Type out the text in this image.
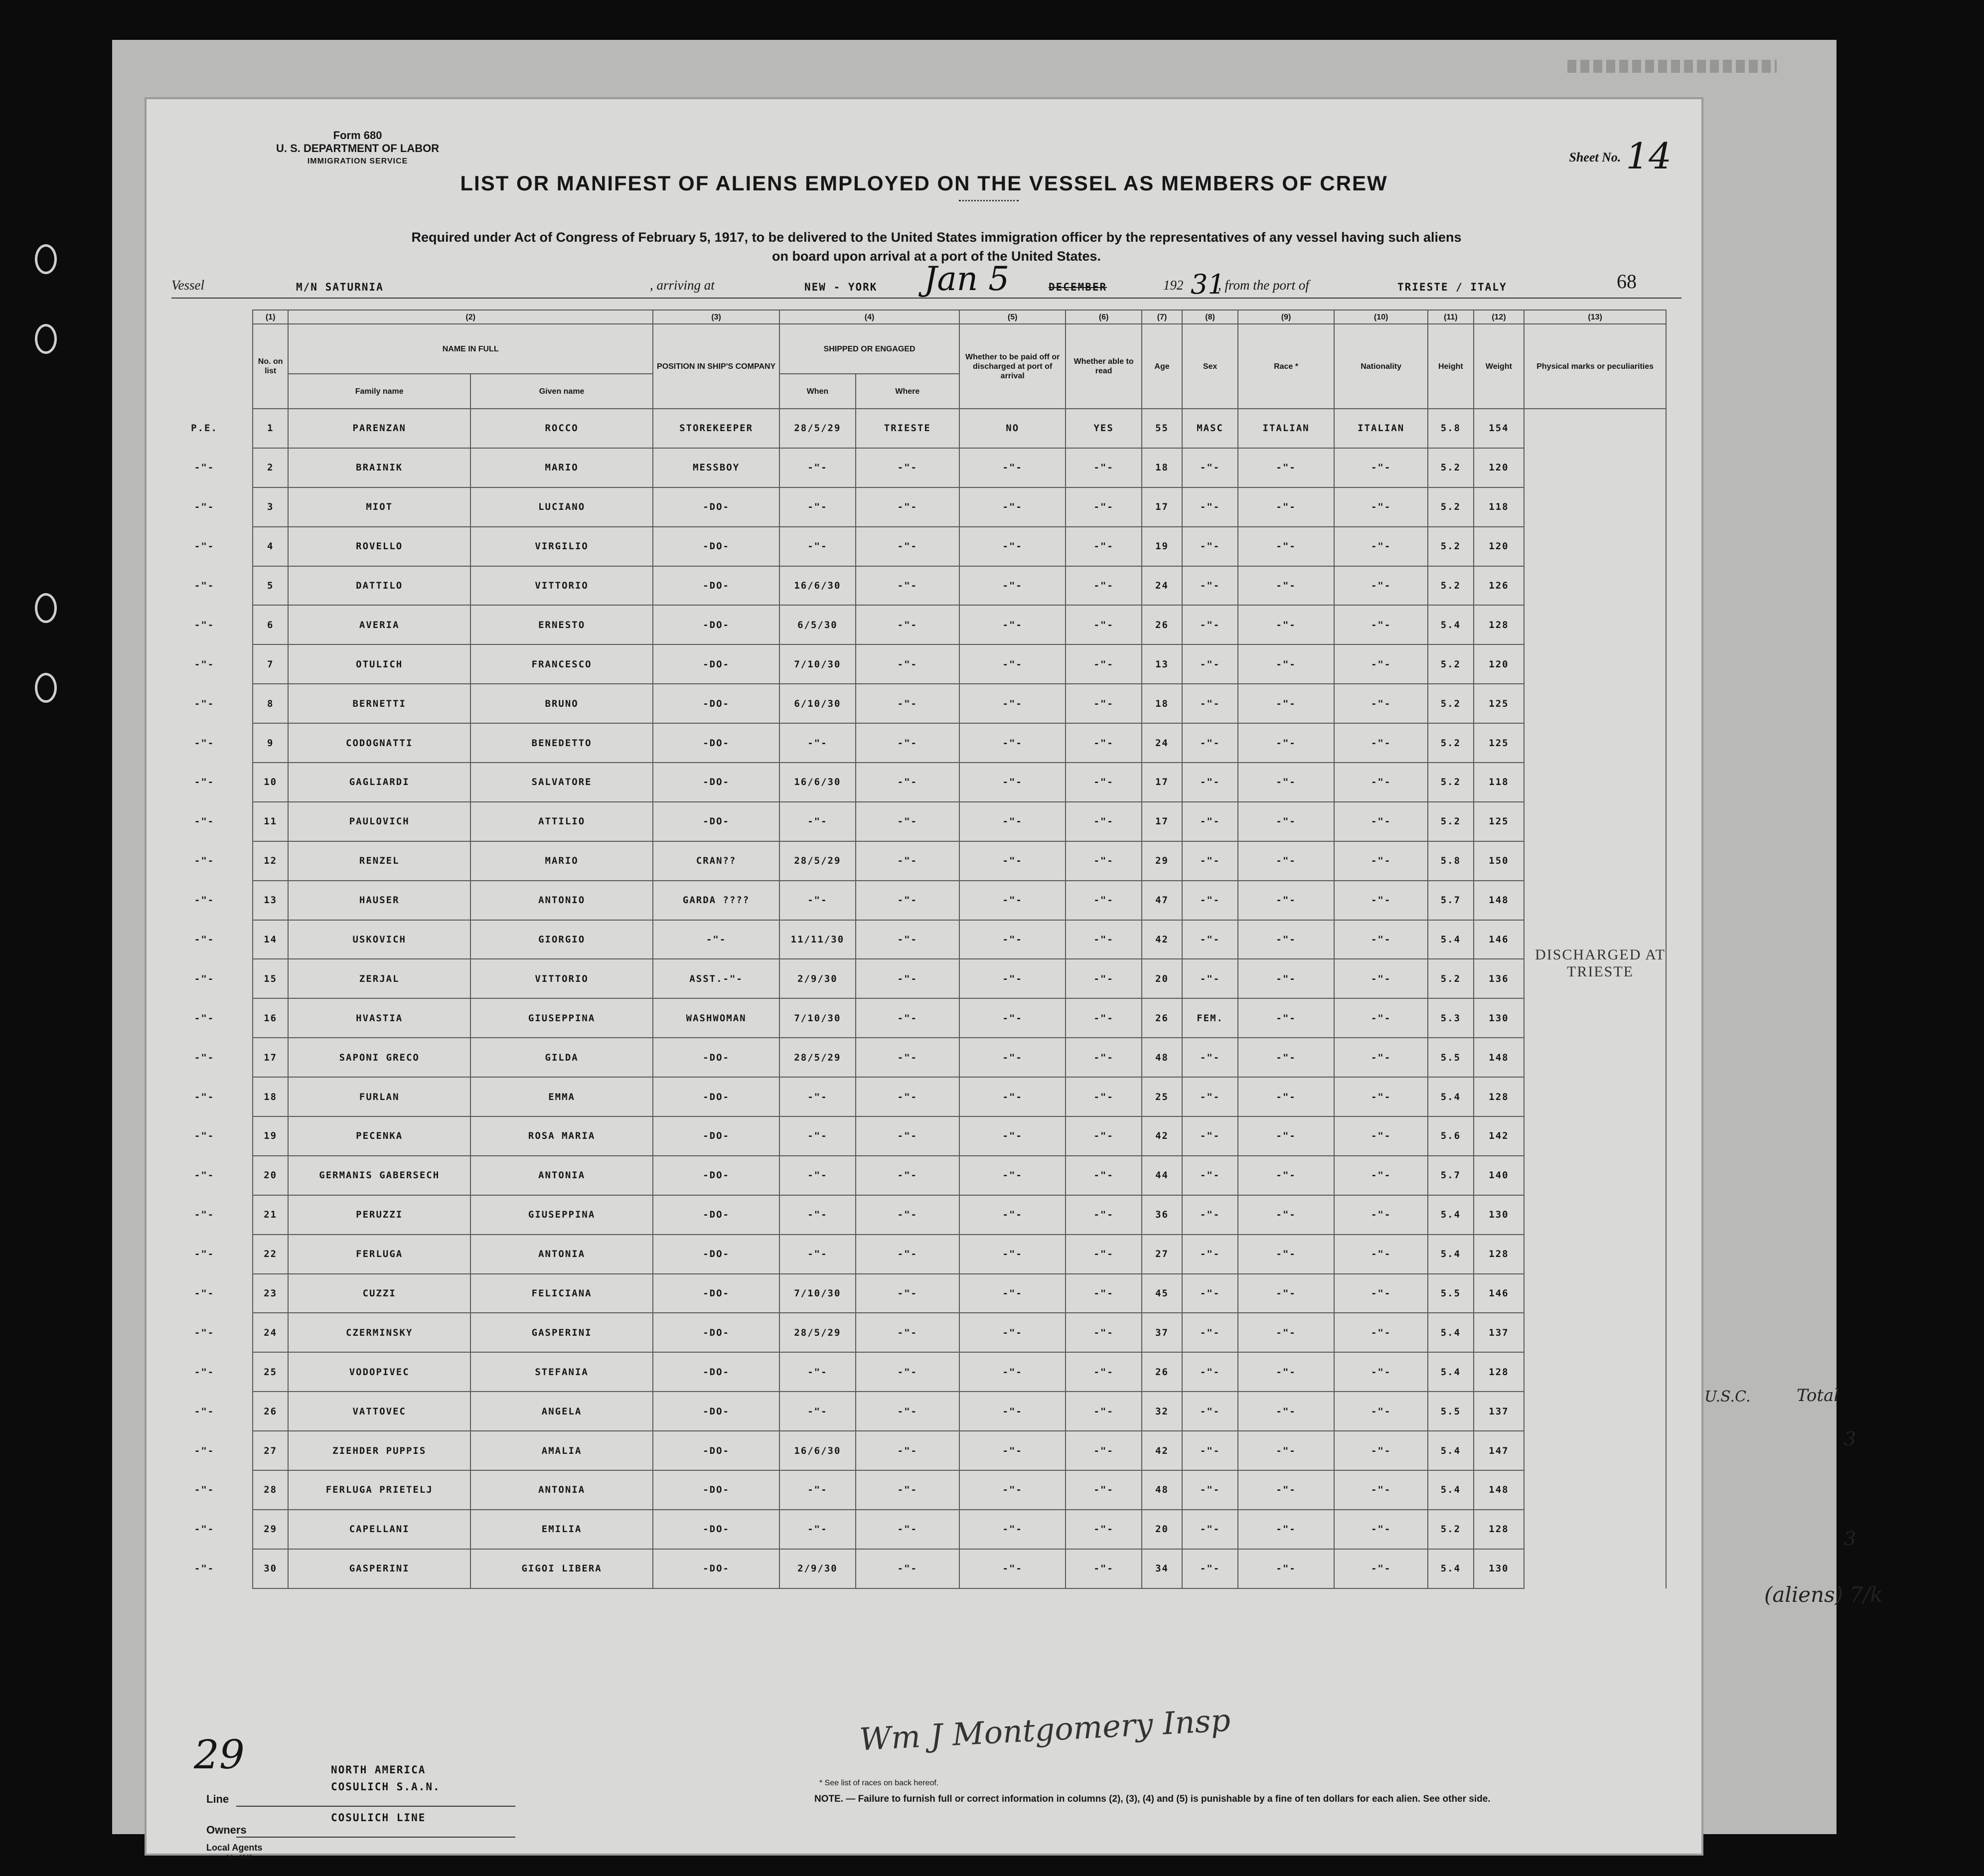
Form 680
U. S. DEPARTMENT OF LABOR
IMMIGRATION SERVICE	Sheet No. 14
LIST OR MANIFEST OF ALIENS EMPLOYED ON THE VESSEL AS MEMBERS OF CREW
Required under Act of Congress of February 5, 1917, to be delivered to the United States immigration officer by the representatives of any vessel having such aliens
on board upon arrival at a port of the United States.
Vessel	M/N SATURNIA	, arriving at	NEW - YORK Jan 5	DECEMBER	192 31
, from the port of	TRIESTE / ITALY	68
	(1)	(2)		(3)	(4)		(5)	(6)	(7)	(8)	(9)	(10)	(11)	(12)	(13)
	No. on list	NAME IN FULL		POSITION IN SHIP'S COMPANY	SHIPPED OR ENGAGED		Whether to be paid off or discharged at port of arrival	Whether able to read	Age	Sex	Race *	Nationality	Height	Weight	Physical marks or peculiarities
		Family name	Given name		When	Where									
P.E.	1	PARENZAN	ROCCO	STOREKEEPER	28/5/29	TRIESTE	NO	YES	55	MASC	ITALIAN	ITALIAN	5.8	154	
-"-	2	BRAINIK	MARIO	MESSBOY	-"-	-"-	-"-	-"-	18	-"-	-"-	-"-	5.2	120	
-"-	3	MIOT	LUCIANO	-DO-	-"-	-"-	-"-	-"-	17	-"-	-"-	-"-	5.2	118	
-"-	4	ROVELLO	VIRGILIO	-DO-	-"-	-"-	-"-	-"-	19	-"-	-"-	-"-	5.2	120	
-"-	5	DATTILO	VITTORIO	-DO-	16/6/30	-"-	-"-	-"-	24	-"-	-"-	-"-	5.2	126	
-"-	6	AVERIA	ERNESTO	-DO-	6/5/30	-"-	-"-	-"-	26	-"-	-"-	-"-	5.4	128	
-"-	7	OTULICH	FRANCESCO	-DO-	7/10/30	-"-	-"-	-"-	13	-"-	-"-	-"-	5.2	120	
-"-	8	BERNETTI	BRUNO	-DO-	6/10/30	-"-	-"-	-"-	18	-"-	-"-	-"-	5.2	125	
-"-	9	CODOGNATTI	BENEDETTO	-DO-	-"-	-"-	-"-	-"-	24	-"-	-"-	-"-	5.2	125	
-"-	10	GAGLIARDI	SALVATORE	-DO-	16/6/30	-"-	-"-	-"-	17	-"-	-"-	-"-	5.2	118	
-"-	11	PAULOVICH	ATTILIO	-DO-	-"-	-"-	-"-	-"-	17	-"-	-"-	-"-	5.2	125	
-"-	12	RENZEL	MARIO	CRAN??	28/5/29	-"-	-"-	-"-	29	-"-	-"-	-"-	5.8	150	
-"-	13	HAUSER	ANTONIO	GARDA ????	-"-	-"-	-"-	-"-	47	-"-	-"-	-"-	5.7	148	
-"-	14	USKOVICH	GIORGIO	-"-	11/11/30	-"-	-"-	-"-	42	-"-	-"-	-"-	5.4	146	
-"-	15	ZERJAL	VITTORIO	ASST.-"-	2/9/30	-"-	-"-	-"-	20	-"-	-"-	-"-	5.2	136	
-"-	16	HVASTIA	GIUSEPPINA	WASHWOMAN	7/10/30	-"-	-"-	-"-	26	FEM.	-"-	-"-	5.3	130	
-"-	17	SAPONI GRECO	GILDA	-DO-	28/5/29	-"-	-"-	-"-	48	-"-	-"-	-"-	5.5	148	
-"-	18	FURLAN	EMMA	-DO-	-"-	-"-	-"-	-"-	25	-"-	-"-	-"-	5.4	128	
-"-	19	PECENKA	ROSA MARIA	-DO-	-"-	-"-	-"-	-"-	42	-"-	-"-	-"-	5.6	142	
-"-	20	GERMANIS GABERSECH	ANTONIA	-DO-	-"-	-"-	-"-	-"-	44	-"-	-"-	-"-	5.7	140	
-"-	21	PERUZZI	GIUSEPPINA	-DO-	-"-	-"-	-"-	-"-	36	-"-	-"-	-"-	5.4	130	
-"-	22	FERLUGA	ANTONIA	-DO-	-"-	-"-	-"-	-"-	27	-"-	-"-	-"-	5.4	128	
-"-	23	CUZZI	FELICIANA	-DO-	7/10/30	-"-	-"-	-"-	45	-"-	-"-	-"-	5.5	146	
-"-	24	CZERMINSKY	GASPERINI	-DO-	28/5/29	-"-	-"-	-"-	37	-"-	-"-	-"-	5.4	137	
-"-	25	VODOPIVEC	STEFANIA	-DO-	-"-	-"-	-"-	-"-	26	-"-	-"-	-"-	5.4	128	
-"-	26	VATTOVEC	ANGELA	-DO-	-"-	-"-	-"-	-"-	32	-"-	-"-	-"-	5.5	137	
-"-	27	ZIEHDER PUPPIS	AMALIA	-DO-	16/6/30	-"-	-"-	-"-	42	-"-	-"-	-"-	5.4	147	
-"-	28	FERLUGA PRIETELJ	ANTONIA	-DO-	-"-	-"-	-"-	-"-	48	-"-	-"-	-"-	5.4	148	
-"-	29	CAPELLANI	EMILIA	-DO-	-"-	-"-	-"-	-"-	20	-"-	-"-	-"-	5.2	128	
-"-	30	GASPERINI	GIGOI LIBERA	-DO-	2/9/30	-"-	-"-	-"-	34	-"-	-"-	-"-	5.4	130	
DISCHARGED AT
TRIESTE
Wm J Montgomery Insp
29	NORTH AMERICA
Line
COSULICH S.A.N.
Owners
COSULICH LINE
Local Agents
14—1940
* See list of races on back hereof.
NOTE. — Failure to furnish full or correct information in columns (2), (3), (4) and (5) is punishable by a fine of ten dollars for each alien. See other side.
U.S.C.	Total
3
3
(aliens) 7/k
